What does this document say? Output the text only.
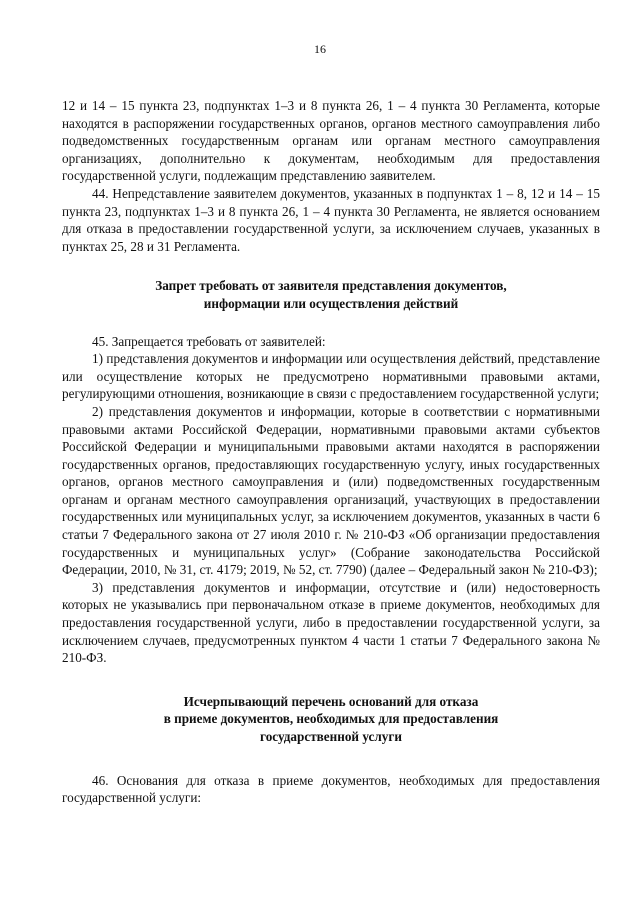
16

12 и 14 – 15 пункта 23, подпунктах 1–3 и 8 пункта 26, 1 – 4 пункта 30 Регламента, которые находятся в распоряжении государственных органов, органов местного самоуправления либо подведомственных государственным органам или органам местного самоуправления организациях, дополнительно к документам, необходимым для предоставления государственной услуги, подлежащим представлению заявителем.

44. Непредставление заявителем документов, указанных в подпунктах 1 – 8, 12 и 14 – 15 пункта 23, подпунктах 1–3 и 8 пункта 26, 1 – 4 пункта 30 Регламента, не является основанием для отказа в предоставлении государственной услуги, за исключением случаев, указанных в пунктах 25, 28 и 31 Регламента.

Запрет требовать от заявителя представления документов,
информации или осуществления действий

45. Запрещается требовать от заявителей:

1) представления документов и информации или осуществления действий, представление или осуществление которых не предусмотрено нормативными правовыми актами, регулирующими отношения, возникающие в связи с предоставлением государственной услуги;

2) представления документов и информации, которые в соответствии с нормативными правовыми актами Российской Федерации, нормативными правовыми актами субъектов Российской Федерации и муниципальными правовыми актами находятся в распоряжении государственных органов, предоставляющих государственную услугу, иных государственных органов, органов местного самоуправления и (или) подведомственных государственным органам и органам местного самоуправления организаций, участвующих в предоставлении государственных или муниципальных услуг, за исключением документов, указанных в части 6 статьи 7 Федерального закона от 27 июля 2010 г. № 210-ФЗ «Об организации предоставления государственных и муниципальных услуг» (Собрание законодательства Российской Федерации, 2010, № 31, ст. 4179; 2019, № 52, ст. 7790) (далее – Федеральный закон № 210-ФЗ);

3) представления документов и информации, отсутствие и (или) недостоверность которых не указывались при первоначальном отказе в приеме документов, необходимых для предоставления государственной услуги, либо в предоставлении государственной услуги, за исключением случаев, предусмотренных пунктом 4 части 1 статьи 7 Федерального закона № 210-ФЗ.

Исчерпывающий перечень оснований для отказа
в приеме документов, необходимых для предоставления
государственной услуги

46. Основания для отказа в приеме документов, необходимых для предоставления государственной услуги:
